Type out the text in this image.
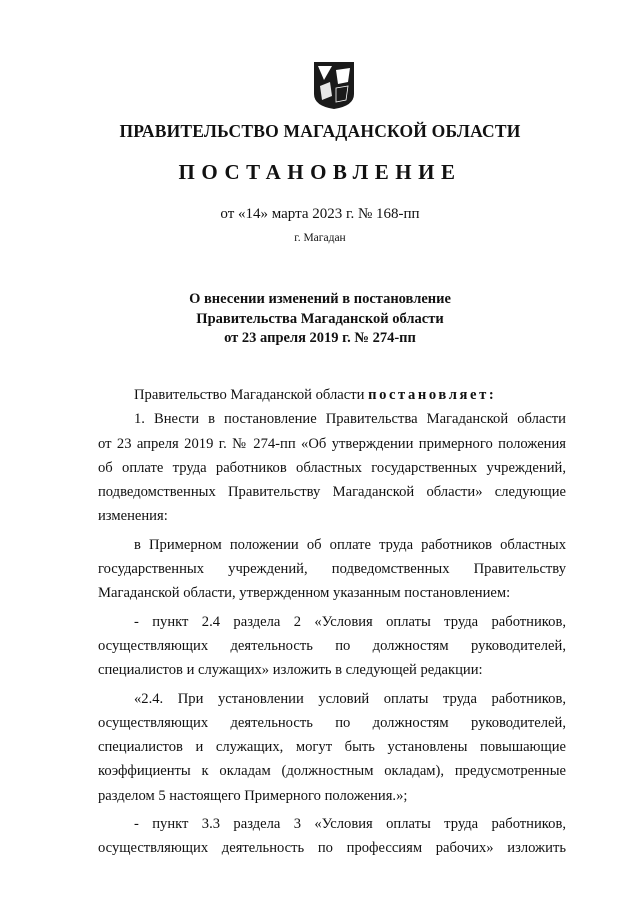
ПРАВИТЕЛЬСТВО МАГАДАНСКОЙ ОБЛАСТИ
ПОСТАНОВЛЕНИЕ
от «14» марта 2023 г. № 168-пп
г. Магадан
О внесении изменений в постановление
Правительства Магаданской области
от 23 апреля 2019 г. № 274-пп
Правительство Магаданской области постановляет:
1. Внести в постановление Правительства Магаданской области
от 23 апреля 2019 г. № 274-пп «Об утверждении примерного положения
об оплате труда работников областных государственных учреждений,
подведомственных Правительству Магаданской области» следующие
изменения:
в Примерном положении об оплате труда работников областных
государственных учреждений, подведомственных Правительству
Магаданской области, утвержденном указанным постановлением:
- пункт 2.4 раздела 2 «Условия оплаты труда работников,
осуществляющих деятельность по должностям руководителей,
специалистов и служащих» изложить в следующей редакции:
«2.4. При установлении условий оплаты труда работников,
осуществляющих деятельность по должностям руководителей,
специалистов и служащих, могут быть установлены повышающие
коэффициенты к окладам (должностным окладам), предусмотренные
разделом 5 настоящего Примерного положения.»;
- пункт 3.3 раздела 3 «Условия оплаты труда работников,
осуществляющих деятельность по профессиям рабочих» изложить
